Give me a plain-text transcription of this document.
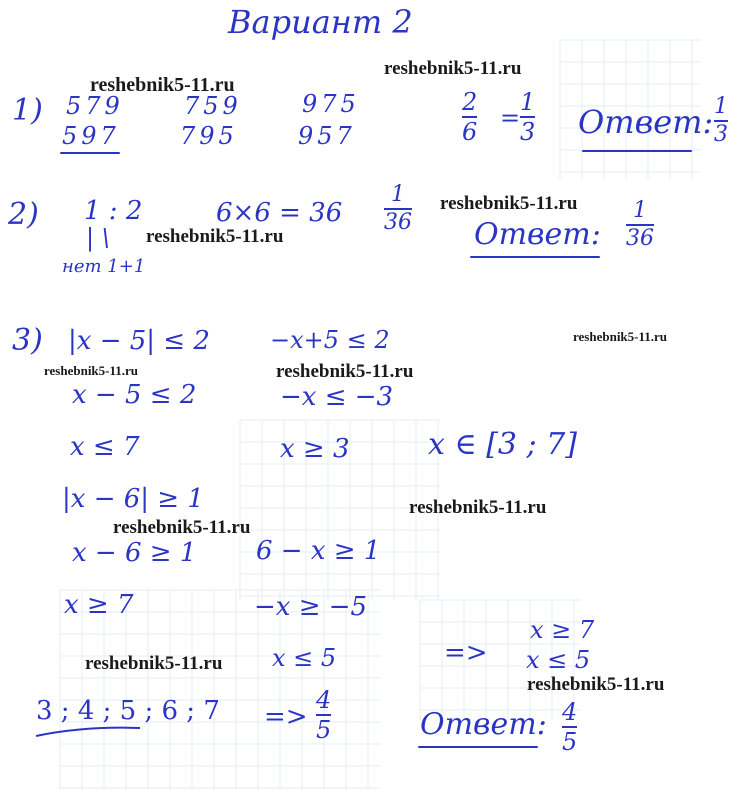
Вариант 2
reshebnik5-11.ru
reshebnik5-11.ru
reshebnik5-11.ru
reshebnik5-11.ru
reshebnik5-11.ru
reshebnik5-11.ru	reshebnik5-11.ru
reshebnik5-11.ru
reshebnik5-11.ru
reshebnik5-11.ru
reshebnik5-11.ru
1) 579
597
759
795
975
957
2
6 =
1
3 Ответ: 1
3
2) 1 : 2
| \
нет 1+1
6×6 = 36
1
36 Ответ:
1
36
3) |x − 5| ≤ 2	−x+5 ≤ 2
x − 5 ≤ 2	−x ≤ −3
x ≤ 7	x ≥ 3	x ∈ [3 ; 7]
|x − 6| ≥ 1
x − 6 ≥ 1 6 − x ≥ 1
x ≥ 7	−x ≥ −5
x ≤ 5	=>
x ≥ 7
x ≤ 5
3 ; 4 ; 5 ; 6 ; 7 =>
4
5	Ответ: 4
5
